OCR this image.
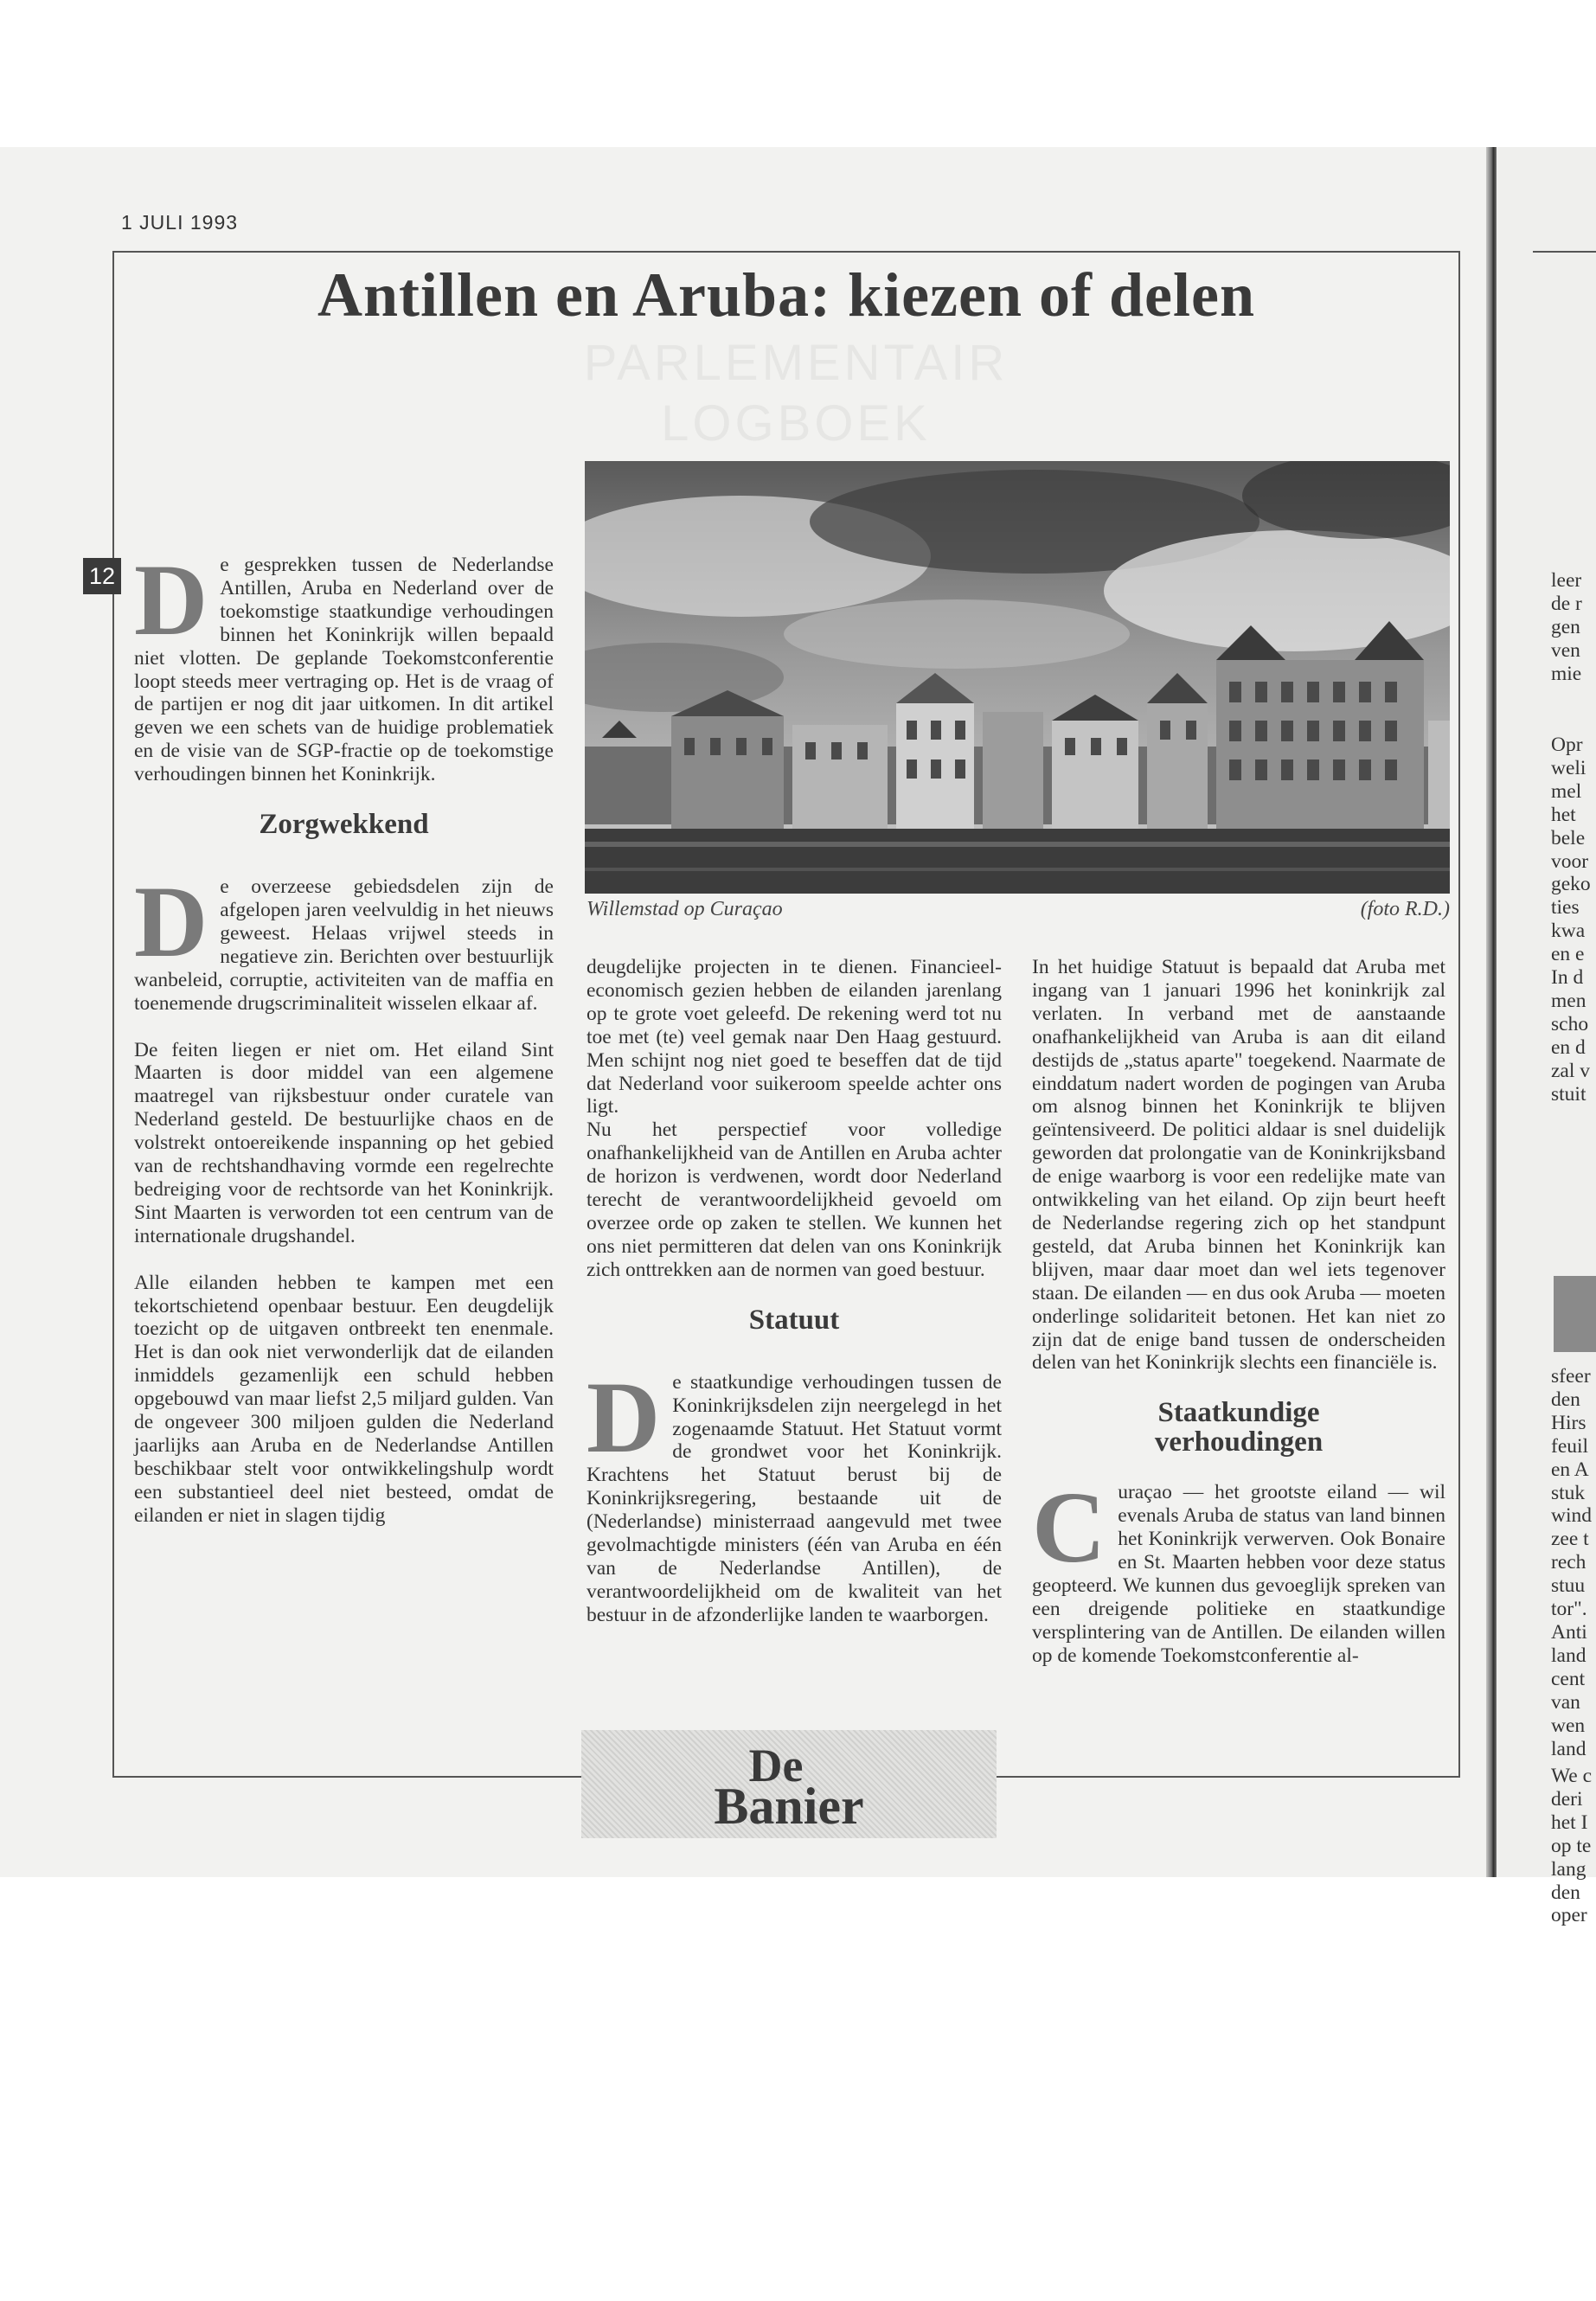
1 JULI 1993
PARLEMENTAIR
LOGBOEK
Antillen en Aruba: kiezen of delen
12
Willemstad op Curaçao	(foto R.D.)

De gesprekken tussen de Nederlandse Antillen, Aruba en Nederland over de toekomstige staatkundige verhoudingen binnen het Koninkrijk willen bepaald niet vlotten. De geplande Toekomstconferentie loopt steeds meer vertraging op. Het is de vraag of de partijen er nog dit jaar uitkomen. In dit artikel geven we een schets van de huidige problematiek en de visie van de SGP-fractie op de toekomstige verhoudingen binnen het Koninkrijk.

Zorgwekkend

De overzeese gebiedsdelen zijn de afgelopen jaren veelvuldig in het nieuws geweest. Helaas vrijwel steeds in negatieve zin. Berichten over bestuurlijk wanbeleid, corruptie, activiteiten van de maffia en toenemende drugscriminaliteit wisselen elkaar af.

De feiten liegen er niet om. Het eiland Sint Maarten is door middel van een algemene maatregel van rijksbestuur onder curatele van Nederland gesteld. De bestuurlijke chaos en de volstrekt ontoereikende inspanning op het gebied van de rechtshandhaving vormde een regelrechte bedreiging voor de rechtsorde van het Koninkrijk. Sint Maarten is verworden tot een centrum van de internationale drugshandel.

Alle eilanden hebben te kampen met een tekortschietend openbaar bestuur. Een deugdelijk toezicht op de uitgaven ontbreekt ten enenmale. Het is dan ook niet verwonderlijk dat de eilanden inmiddels gezamenlijk een schuld hebben opgebouwd van maar liefst 2,5 miljard gulden. Van de ongeveer 300 miljoen gulden die Nederland jaarlijks aan Aruba en de Nederlandse Antillen beschikbaar stelt voor ontwikkelingshulp wordt een substantieel deel niet besteed, omdat de eilanden er niet in slagen tijdig

deugdelijke projecten in te dienen. Financieel-economisch gezien hebben de eilanden jarenlang op te grote voet geleefd. De rekening werd tot nu toe met (te) veel gemak naar Den Haag gestuurd. Men schijnt nog niet goed te beseffen dat de tijd dat Nederland voor suikeroom speelde achter ons ligt.

Nu het perspectief voor volledige onafhankelijkheid van de Antillen en Aruba achter de horizon is verdwenen, wordt door Nederland terecht de verantwoordelijkheid gevoeld om overzee orde op zaken te stellen. We kunnen het ons niet permitteren dat delen van ons Koninkrijk zich onttrekken aan de normen van goed bestuur.

Statuut

De staatkundige verhoudingen tussen de Koninkrijksdelen zijn neergelegd in het zogenaamde Statuut. Het Statuut vormt de grondwet voor het Koninkrijk. Krachtens het Statuut berust bij de Koninkrijksregering, bestaande uit de (Nederlandse) ministerraad aangevuld met twee gevolmachtigde ministers (één van Aruba en één van de Nederlandse Antillen), de verantwoordelijkheid om de kwaliteit van het bestuur in de afzonderlijke landen te waarborgen.

In het huidige Statuut is bepaald dat Aruba met ingang van 1 januari 1996 het koninkrijk zal verlaten. In verband met de aanstaande onafhankelijkheid van Aruba is aan dit eiland destijds de „status aparte" toegekend. Naarmate de einddatum nadert worden de pogingen van Aruba om alsnog binnen het Koninkrijk te blijven geïntensiveerd. De politici aldaar is snel duidelijk geworden dat prolongatie van de Koninkrijksband de enige waarborg is voor een redelijke mate van ontwikkeling van het eiland. Op zijn beurt heeft de Nederlandse regering zich op het standpunt gesteld, dat Aruba binnen het Koninkrijk kan blijven, maar daar moet dan wel iets tegenover staan. De eilanden — en dus ook Aruba — moeten onderlinge solidariteit betonen. Het kan niet zo zijn dat de enige band tussen de onderscheiden delen van het Koninkrijk slechts een financiële is.

Staatkundige verhoudingen

Curaçao — het grootste eiland — wil evenals Aruba de status van land binnen het Koninkrijk verwerven. Ook Bonaire en St. Maarten hebben voor deze status geopteerd. We kunnen dus gevoeglijk spreken van een dreigende politieke en staatkundige versplintering van de Antillen. De eilanden willen op de komende Toekomstconferentie al-

De
Banier
leer
de r
gen
ven
mie
Opr
weli
mel
het
bele
voor
geko
ties
kwa
en e
In d
men
scho
en d
zal v
stuit
sfeer
den
Hirs
feuil
en A
stuk
wind
zee t
rech
stuu
tor".
Anti
land
cent
van
wen
land
We c
deri
het I
op te
lang
den
oper
